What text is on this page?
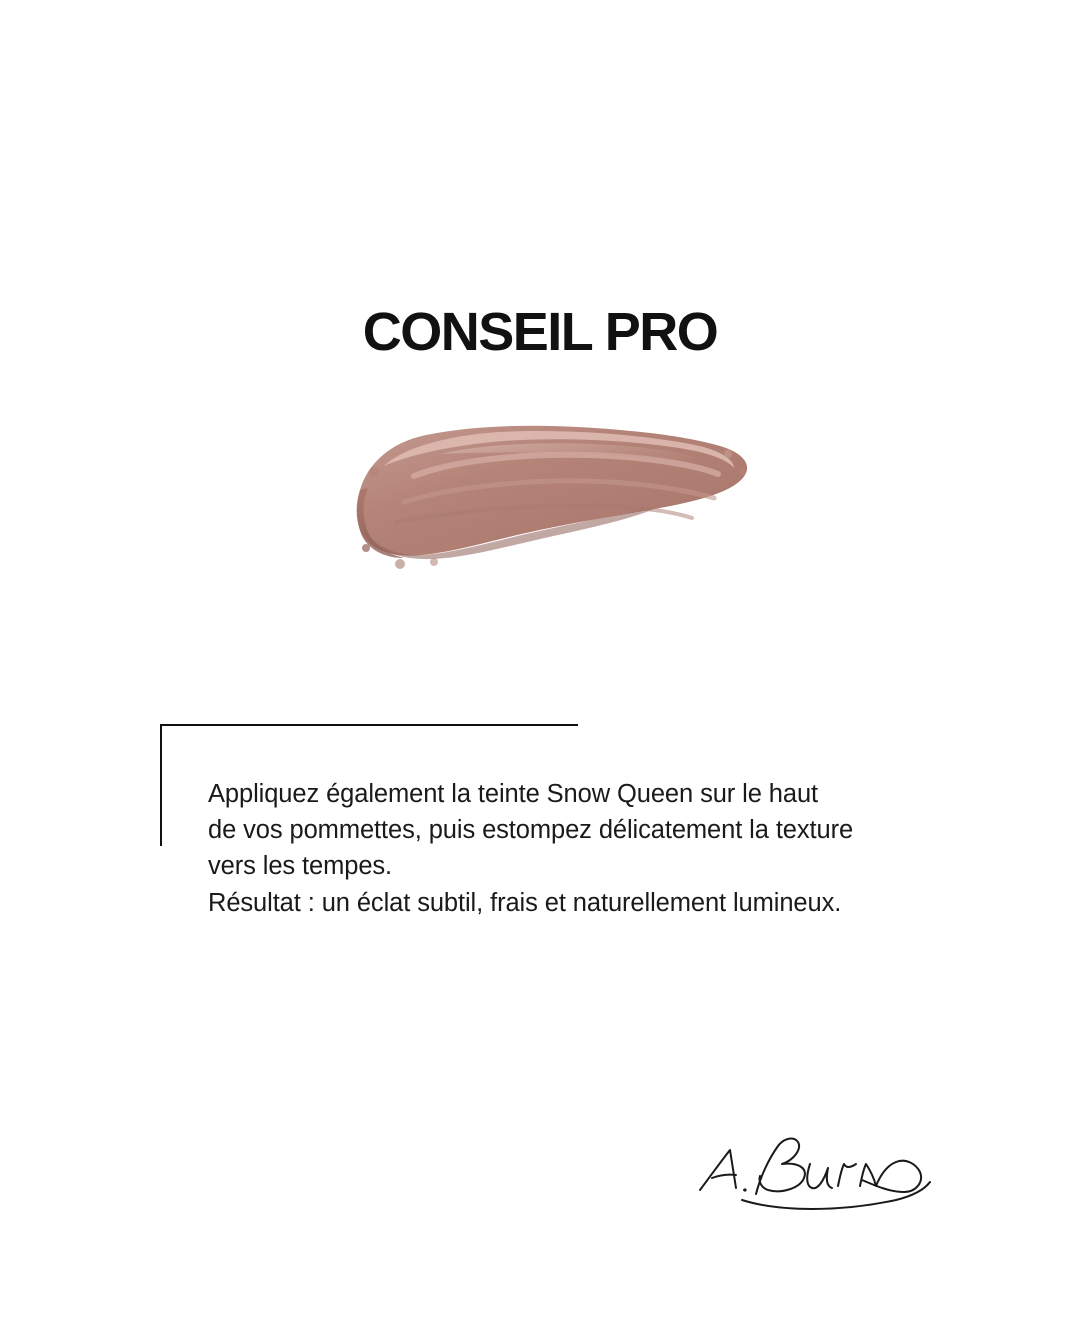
CONSEIL PRO
Appliquez également la teinte Snow Queen sur le haut
de vos pommettes, puis estompez délicatement la texture
vers les tempes.
Résultat : un éclat subtil, frais et naturellement lumineux.
